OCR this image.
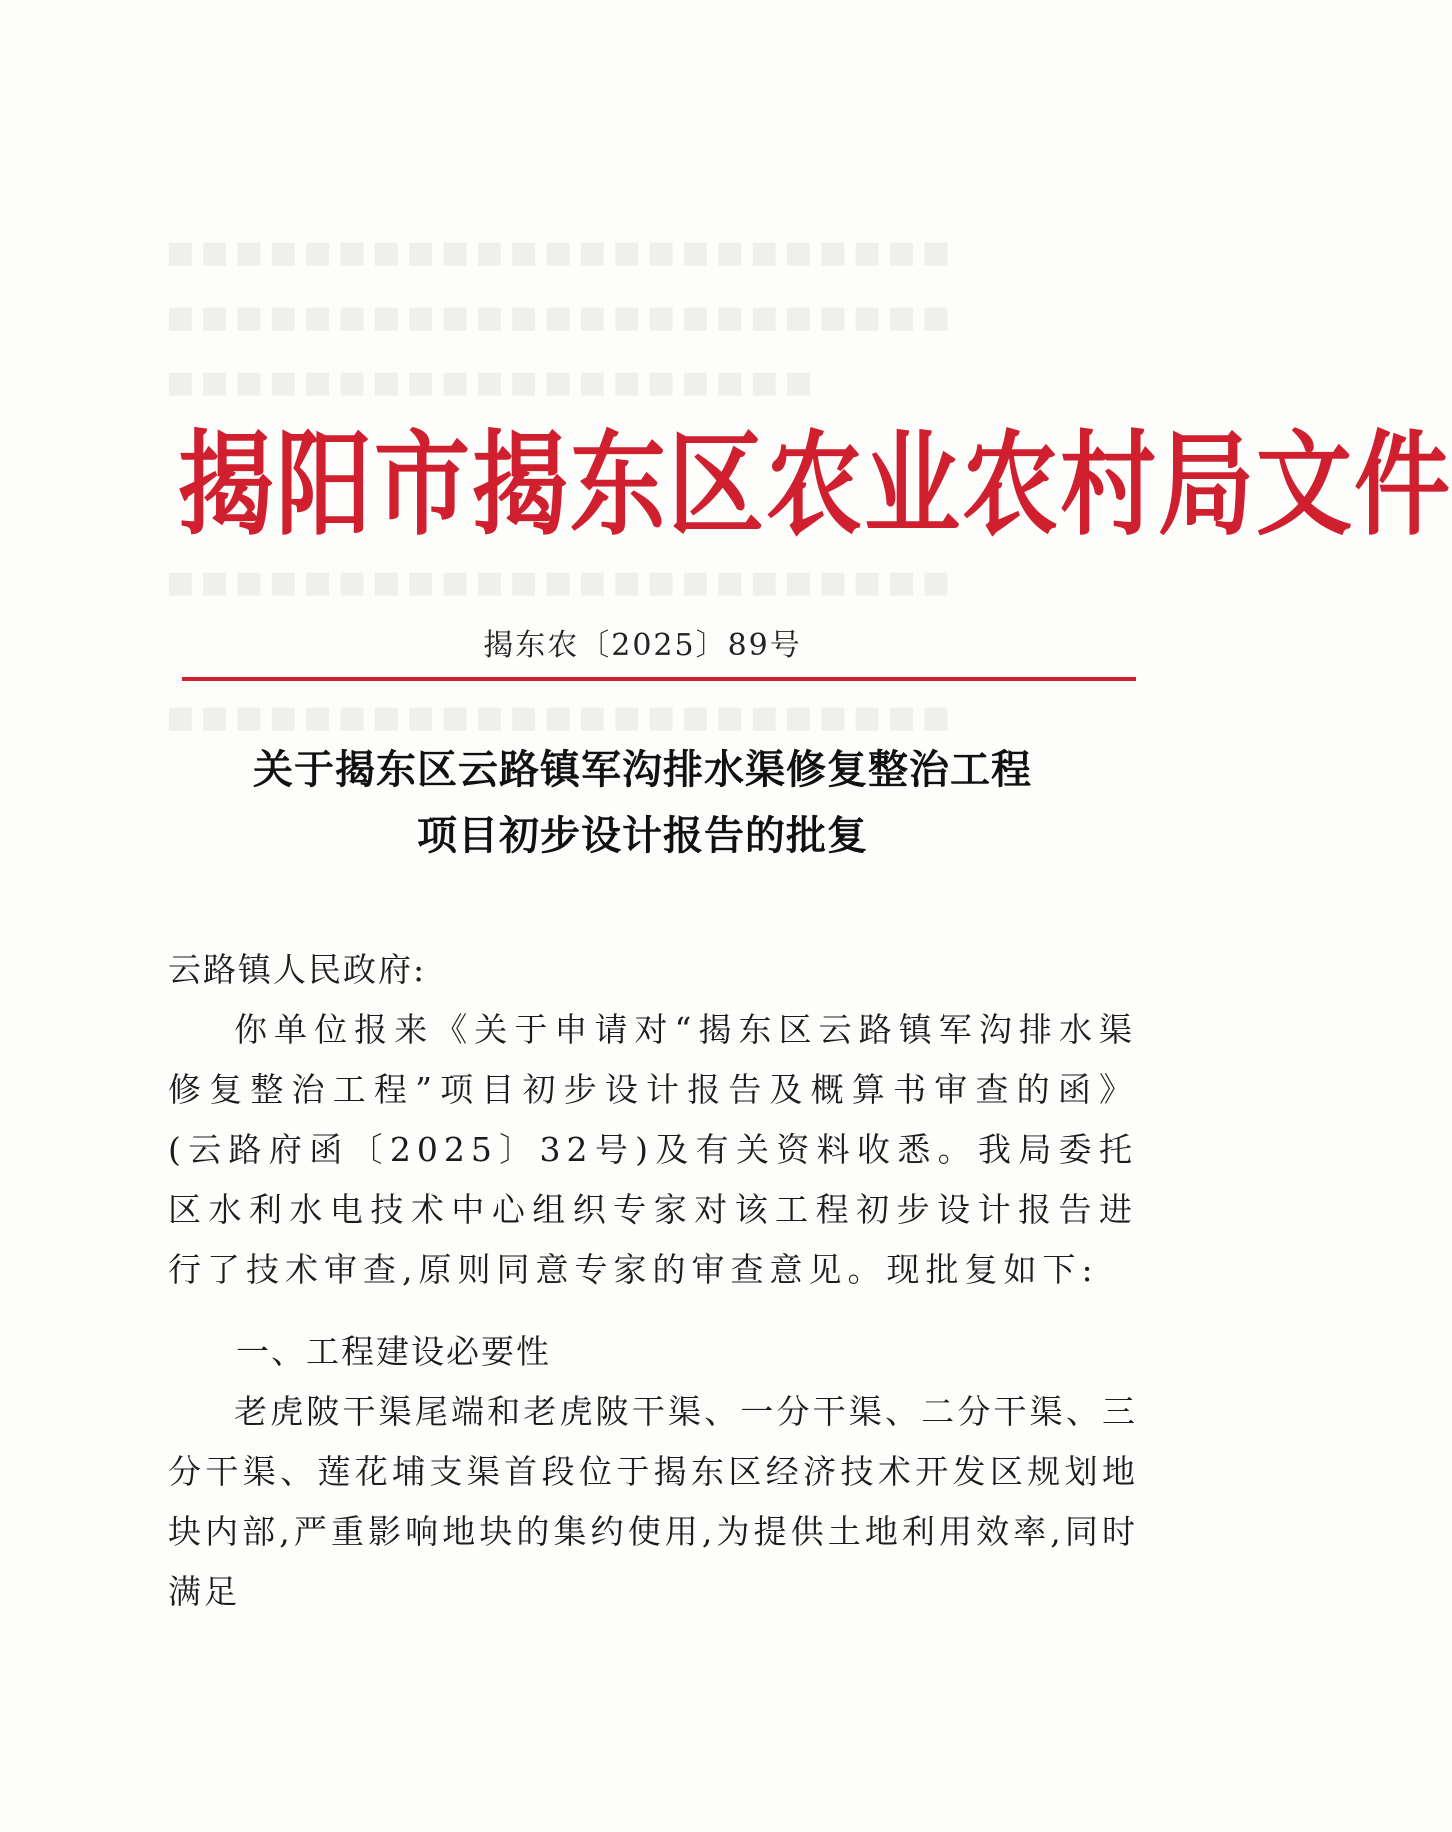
■■■■■■■■■■■■■■■■■■■■■■■
■■■■■■■■■■■■■■■■■■■■■■■
■■■■■■■■■■■■■■■■■■■
■■■■■■■■■■■■■■■■■■■■■■■
■■■■■■■■■■■■■■■■■■■■■■■
揭阳市揭东区农业农村局文件
揭东农〔2025〕89号
关于揭东区云路镇军沟排水渠修复整治工程
项目初步设计报告的批复
云路镇人民政府:
你单位报来《关于申请对“揭东区云路镇军沟排水渠修复整治工程”项目初步设计报告及概算书审查的函》(云路府函〔2025〕32号)及有关资料收悉。我局委托区水利水电技术中心组织专家对该工程初步设计报告进行了技术审查,原则同意专家的审查意见。现批复如下:
一、工程建设必要性
老虎陂干渠尾端和老虎陂干渠、一分干渠、二分干渠、三分干渠、莲花埔支渠首段位于揭东区经济技术开发区规划地块内部,严重影响地块的集约使用,为提供土地利用效率,同时满足
